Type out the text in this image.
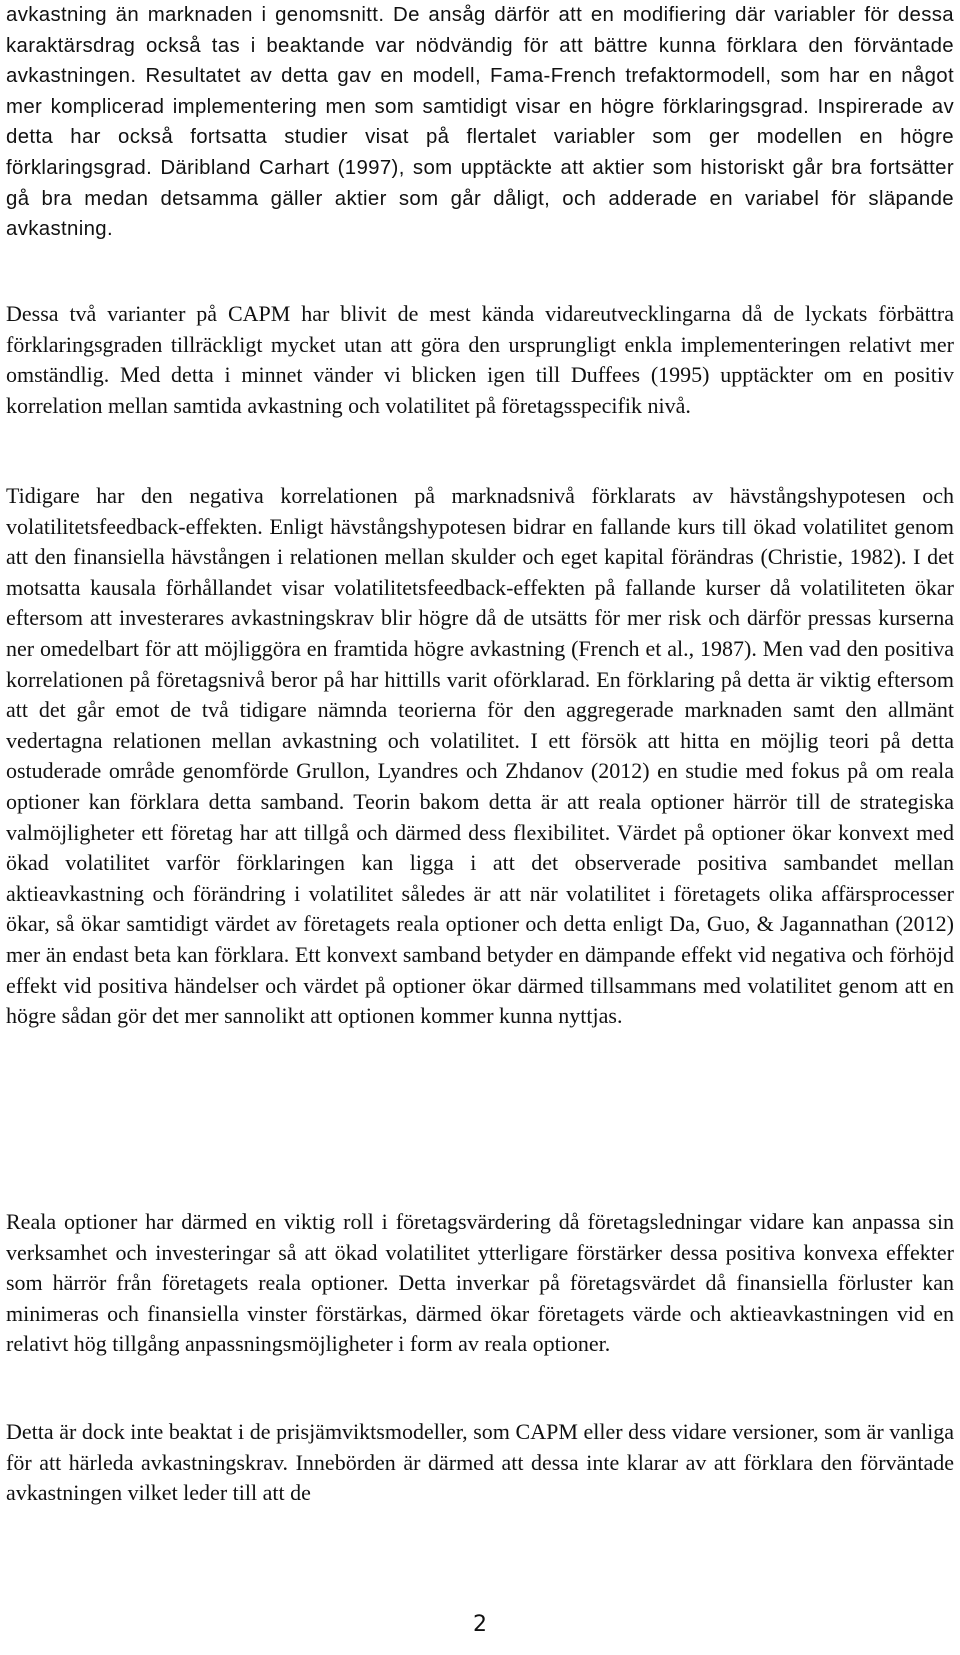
avkastning än marknaden i genomsnitt. De ansåg därför att en modifiering där variabler för dessa karaktärsdrag också tas i beaktande var nödvändig för att bättre kunna förklara den förväntade avkastningen. Resultatet av detta gav en modell, Fama-French trefaktormodell, som har en något mer komplicerad implementering men som samtidigt visar en högre förklaringsgrad. Inspirerade av detta har också fortsatta studier visat på flertalet variabler som ger modellen en högre förklaringsgrad. Däribland Carhart (1997), som upptäckte att aktier som historiskt går bra fortsätter gå bra medan detsamma gäller aktier som går dåligt, och adderade en variabel för släpande avkastning.

Dessa två varianter på CAPM har blivit de mest kända vidareutvecklingarna då de lyckats förbättra förklaringsgraden tillräckligt mycket utan att göra den ursprungligt enkla implementeringen relativt mer omständlig. Med detta i minnet vänder vi blicken igen till Duffees (1995) upptäckter om en positiv korrelation mellan samtida avkastning och volatilitet på företagsspecifik nivå.

Tidigare har den negativa korrelationen på marknadsnivå förklarats av hävstångshypotesen och volatilitetsfeedback-effekten. Enligt hävstångshypotesen bidrar en fallande kurs till ökad volatilitet genom att den finansiella hävstången i relationen mellan skulder och eget kapital förändras (Christie, 1982). I det motsatta kausala förhållandet visar volatilitetsfeedback-effekten på fallande kurser då volatiliteten ökar eftersom att investerares avkastningskrav blir högre då de utsätts för mer risk och därför pressas kurserna ner omedelbart för att möjliggöra en framtida högre avkastning (French et al., 1987). Men vad den positiva korrelationen på företagsnivå beror på har hittills varit oförklarad. En förklaring på detta är viktig eftersom att det går emot de två tidigare nämnda teorierna för den aggregerade marknaden samt den allmänt vedertagna relationen mellan avkastning och volatilitet. I ett försök att hitta en möjlig teori på detta ostuderade område genomförde Grullon, Lyandres och Zhdanov (2012) en studie med fokus på om reala optioner kan förklara detta samband. Teorin bakom detta är att reala optioner härrör till de strategiska valmöjligheter ett företag har att tillgå och därmed dess flexibilitet. Värdet på optioner ökar konvext med ökad volatilitet varför förklaringen kan ligga i att det observerade positiva sambandet mellan aktieavkastning och förändring i volatilitet således är att när volatilitet i företagets olika affärsprocesser ökar, så ökar samtidigt värdet av företagets reala optioner och detta enligt Da, Guo, & Jagannathan (2012) mer än endast beta kan förklara. Ett konvext samband betyder en dämpande effekt vid negativa och förhöjd effekt vid positiva händelser och värdet på optioner ökar därmed tillsammans med volatilitet genom att en högre sådan gör det mer sannolikt att optionen kommer kunna nyttjas.

Reala optioner har därmed en viktig roll i företagsvärdering då företagsledningar vidare kan anpassa sin verksamhet och investeringar så att ökad volatilitet ytterligare förstärker dessa positiva konvexa effekter som härrör från företagets reala optioner. Detta inverkar på företagsvärdet då finansiella förluster kan minimeras och finansiella vinster förstärkas, därmed ökar företagets värde och aktieavkastningen vid en relativt hög tillgång anpassningsmöjligheter i form av reala optioner.

Detta är dock inte beaktat i de prisjämviktsmodeller, som CAPM eller dess vidare versioner, som är vanliga för att härleda avkastningskrav. Innebörden är därmed att dessa inte klarar av att förklara den förväntade avkastningen vilket leder till att de

2
